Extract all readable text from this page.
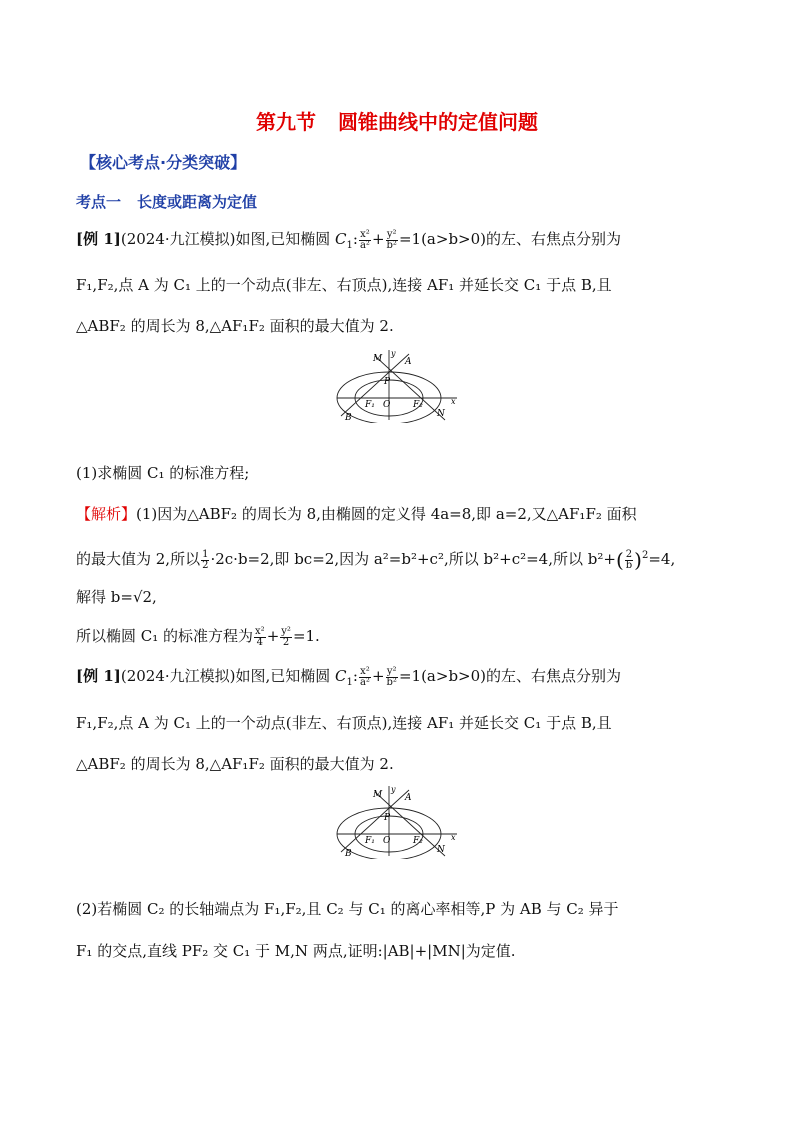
第九节 圆锥曲线中的定值问题
【核心考点·分类突破】
考点一 长度或距离为定值
[例 1](2024·九江模拟)如图,已知椭圆 $C_1$: $\frac{\text{x²}}{\text{a²}} + \frac{\text{y²}}{\text{b²}} =1(a>b>0)$的左、右焦点分别为
F₁,F₂,点 A 为 C₁ 上的一个动点(非左、右顶点),连接 AF₁ 并延长交 C₁ 于点 B,且
△ABF₂ 的周长为 8,△AF₁F₂ 面积的最大值为 2.
M
y
A
P
F₁ O	F₂	x
B	N
(1)求椭圆 C₁ 的标准方程;
【解析】(1)因为△ABF₂ 的周长为 8,由椭圆的定义得 4a=8,即 a=2,又△AF₁F₂ 面积
的最大值为 2,所以 $\frac{1}{2} \cdot 2c\cdot b=2$,即 bc=2,因为 a²=b²+c²,所以 b²+c²=4,所以 $b^2+( \frac{2}{b} )^2=4$,
解得 b=√2,
所以椭圆 C₁ 的标准方程为 $\frac{\text{x²}}{4} + \frac{\text{y²}}{2} =1$.
[例 1](2024·九江模拟)如图,已知椭圆 $C_1$: $\frac{\text{x²}}{\text{a²}} + \frac{\text{y²}}{\text{b²}} =1(a>b>0)$的左、右焦点分别为
F₁,F₂,点 A 为 C₁ 上的一个动点(非左、右顶点),连接 AF₁ 并延长交 C₁ 于点 B,且
△ABF₂ 的周长为 8,△AF₁F₂ 面积的最大值为 2.
M
y
A
P
F₁ O	F₂	x
B	N
(2)若椭圆 C₂ 的长轴端点为 F₁,F₂,且 C₂ 与 C₁ 的离心率相等,P 为 AB 与 C₂ 异于
F₁ 的交点,直线 PF₂ 交 C₁ 于 M,N 两点,证明:|AB|+|MN|为定值.
